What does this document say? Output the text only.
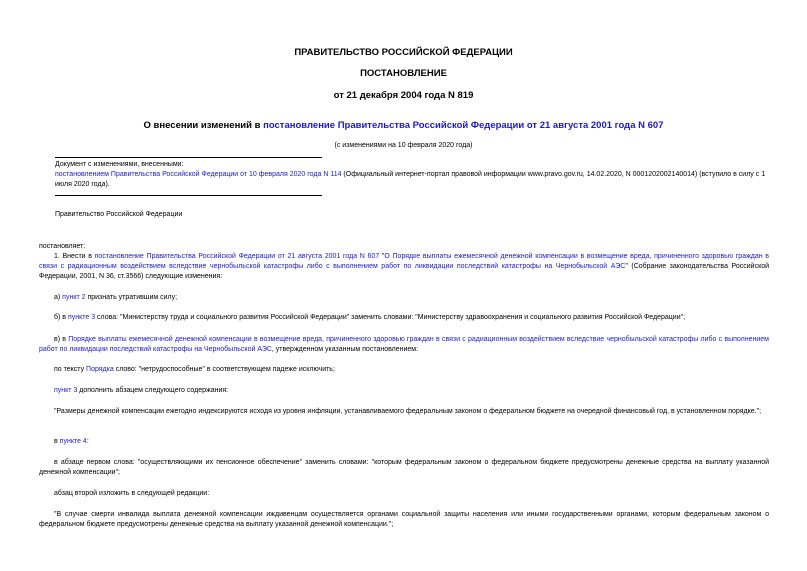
ПРАВИТЕЛЬСТВО РОССИЙСКОЙ ФЕДЕРАЦИИ
ПОСТАНОВЛЕНИЕ
от 21 декабря 2004 года N 819
О внесении изменений в постановление Правительства Российской Федерации от 21 августа 2001 года N 607
(с изменениями на 10 февраля 2020 года)
Документ с изменениями, внесенными:
постановлением Правительства Российской Федерации от 10 февраля 2020 года N 114 (Официальный интернет-портал правовой информации www.pravo.gov.ru, 14.02.2020, N 0001202002140014) (вступило в силу с 1 июля 2020 года).
Правительство Российской Федерации
постановляет:
1. Внести в постановление Правительства Российской Федерации от 21 августа 2001 года N 607 "О Порядке выплаты ежемесячной денежной компенсации в возмещение вреда, причиненного здоровью граждан в связи с радиационным воздействием вследствие чернобыльской катастрофы либо с выполнением работ по ликвидации последствий катастрофы на Чернобыльской АЭС" (Собрание законодательства Российской Федерации, 2001, N 36, ст.3566) следующие изменения:
а) пункт 2 признать утратившим силу;
б) в пункте 3 слова: "Министерству труда и социального развития Российской Федерации" заменить словами: "Министерству здравоохранения и социального развития Российской Федерации";
в) в Порядке выплаты ежемесячной денежной компенсации в возмещение вреда, причиненного здоровью граждан в связи с радиационным воздействием вследствие чернобыльской катастрофы либо с выполнением работ по ликвидации последствий катастрофы на Чернобыльской АЭС, утвержденном указанным постановлением:
по тексту Порядка слово: "нетрудоспособные" в соответствующем падеже исключить;
пункт 3 дополнить абзацем следующего содержания:
"Размеры денежной компенсации ежегодно индексируются исходя из уровня инфляции, устанавливаемого федеральным законом о федеральном бюджете на очередной финансовый год, в установленном порядке.";
в пункте 4:
в абзаце первом слова: "осуществляющими их пенсионное обеспечение" заменить словами: "которым федеральным законом о федеральном бюджете предусмотрены денежные средства на выплату указанной денежной компенсации";
абзац второй изложить в следующей редакции:
"В случае смерти инвалида выплата денежной компенсации иждивенцам осуществляется органами социальной защиты населения или иными государственными органами, которым федеральным законом о федеральном бюджете предусмотрены денежные средства на выплату указанной денежной компенсации.";
